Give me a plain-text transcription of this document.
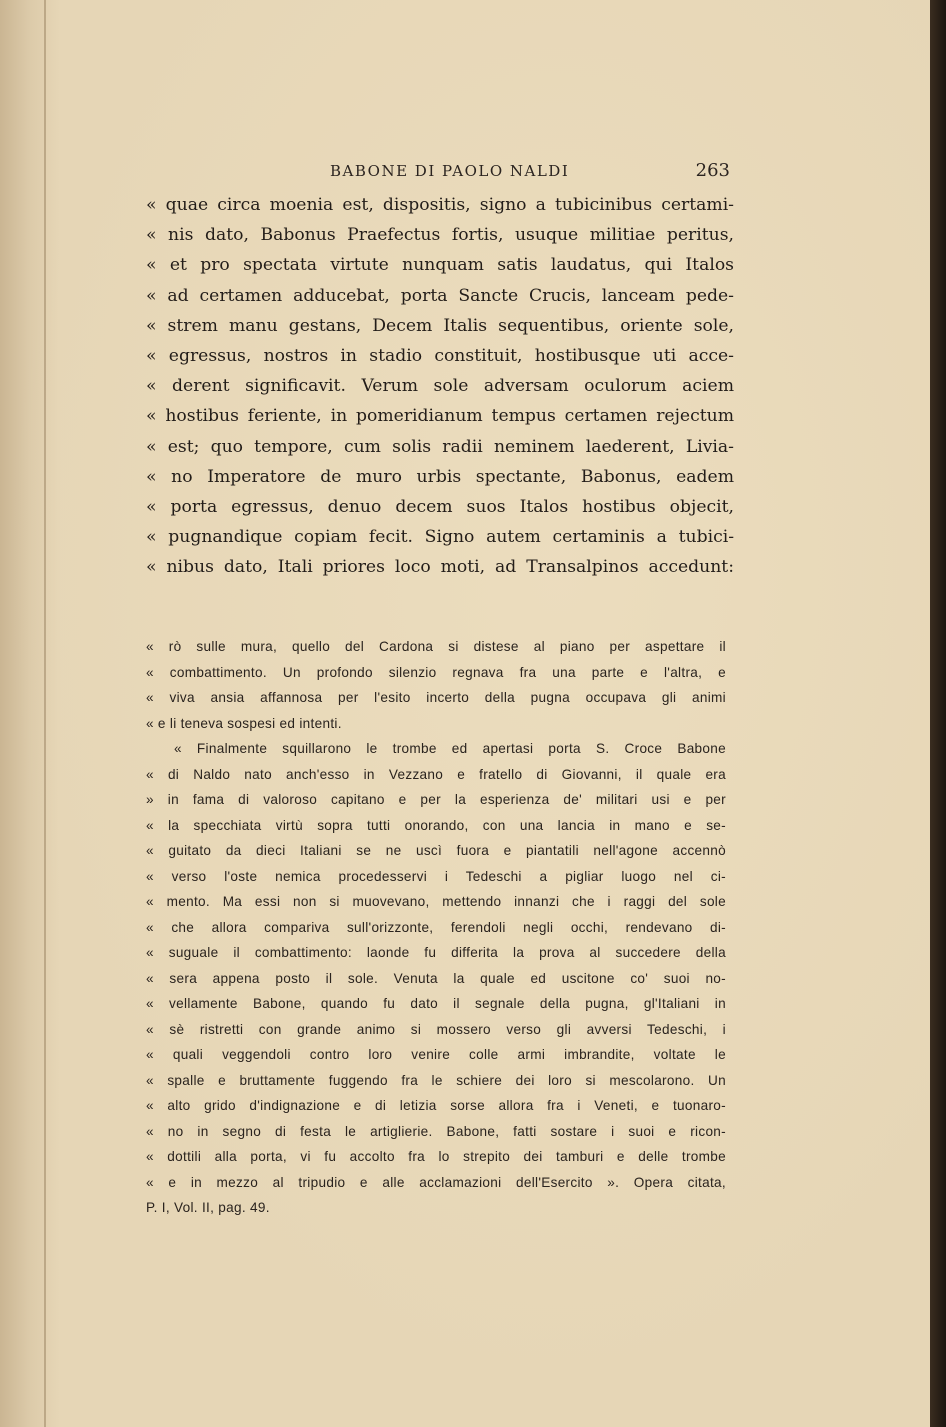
BABONE DI PAOLO NALDI	263
« quae circa moenia est, dispositis, signo a tubicinibus certami-
« nis dato, Babonus Praefectus fortis, usuque militiae peritus,
« et pro spectata virtute nunquam satis laudatus, qui Italos
« ad certamen adducebat, porta Sancte Crucis, lanceam pede-
« strem manu gestans, Decem Italis sequentibus, oriente sole,
« egressus, nostros in stadio constituit, hostibusque uti acce-
« derent significavit. Verum sole adversam oculorum aciem
« hostibus feriente, in pomeridianum tempus certamen rejectum
« est; quo tempore, cum solis radii neminem laederent, Livia-
« no Imperatore de muro urbis spectante, Babonus, eadem
« porta egressus, denuo decem suos Italos hostibus objecit,
« pugnandique copiam fecit. Signo autem certaminis a tubici-
« nibus dato, Itali priores loco moti, ad Transalpinos accedunt:
« rò sulle mura, quello del Cardona si distese al piano per aspettare il
« combattimento. Un profondo silenzio regnava fra una parte e l'altra, e
« viva ansia affannosa per l'esito incerto della pugna occupava gli animi
« e li teneva sospesi ed intenti.
« Finalmente squillarono le trombe ed apertasi porta S. Croce Babone
« di Naldo nato anch'esso in Vezzano e fratello di Giovanni, il quale era
» in fama di valoroso capitano e per la esperienza de' militari usi e per
« la specchiata virtù sopra tutti onorando, con una lancia in mano e se-
« guitato da dieci Italiani se ne uscì fuora e piantatili nell'agone accennò
« verso l'oste nemica procedesservi i Tedeschi a pigliar luogo nel ci-
« mento. Ma essi non si muovevano, mettendo innanzi che i raggi del sole
« che allora compariva sull'orizzonte, ferendoli negli occhi, rendevano di-
« suguale il combattimento: laonde fu differita la prova al succedere della
« sera appena posto il sole. Venuta la quale ed uscitone co' suoi no-
« vellamente Babone, quando fu dato il segnale della pugna, gl'Italiani in
« sè ristretti con grande animo si mossero verso gli avversi Tedeschi, i
« quali veggendoli contro loro venire colle armi imbrandite, voltate le
« spalle e bruttamente fuggendo fra le schiere dei loro si mescolarono. Un
« alto grido d'indignazione e di letizia sorse allora fra i Veneti, e tuonaro-
« no in segno di festa le artiglierie. Babone, fatti sostare i suoi e ricon-
« dottili alla porta, vi fu accolto fra lo strepito dei tamburi e delle trombe
« e in mezzo al tripudio e alle acclamazioni dell'Esercito ». Opera citata,
P. I, Vol. II, pag. 49.
